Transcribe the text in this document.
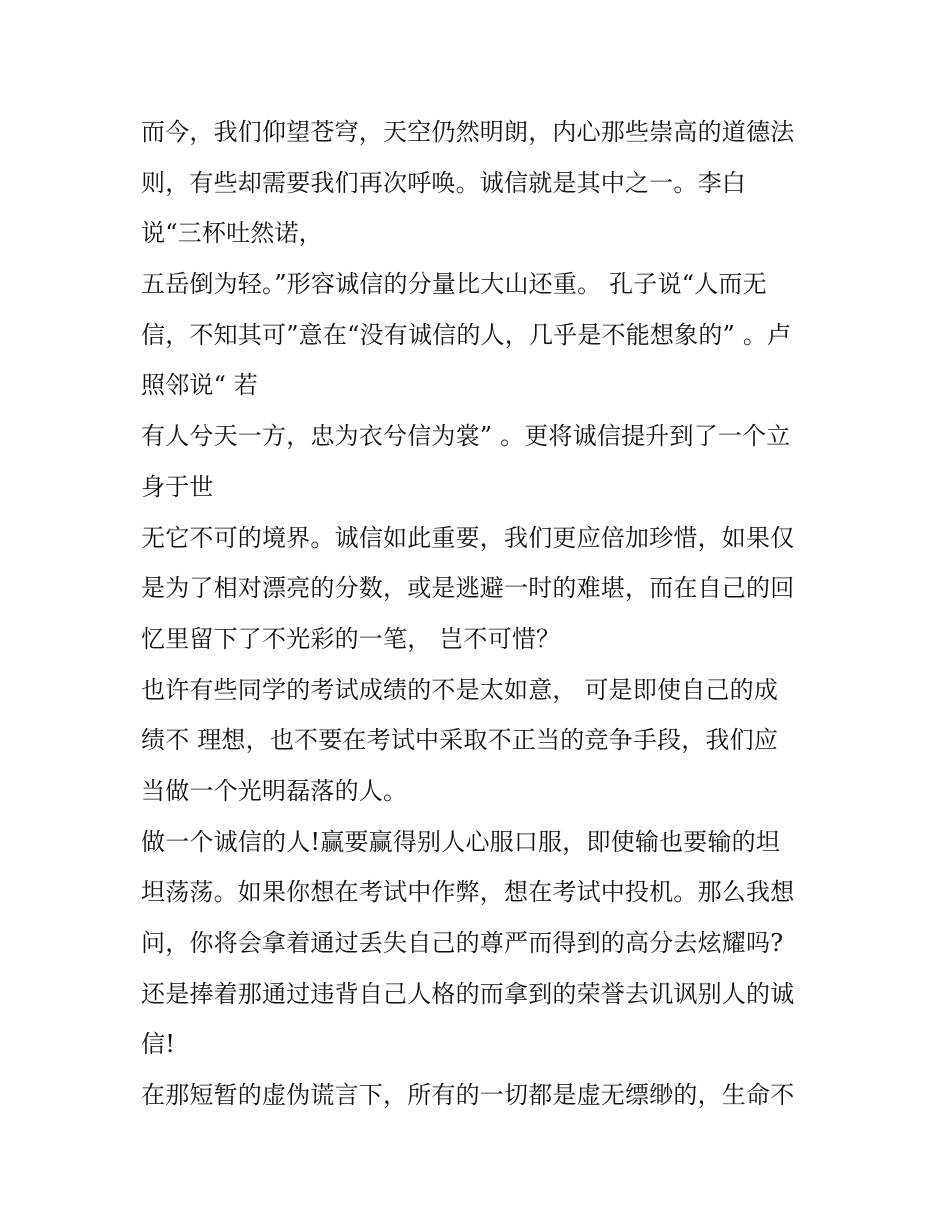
而今，我们仰望苍穹，天空仍然明朗，内心那些崇高的道德法
则，有些却需要我们再次呼唤。诚信就是其中之一。李白
说“三杯吐然诺，
五岳倒为轻。”形容诚信的分量比大山还重。 孔子说“人而无
信，不知其可”意在“没有诚信的人，几乎是不能想象的” 。卢
照邻说“ 若
有人兮天一方，忠为衣兮信为裳” 。更将诚信提升到了一个立
身于世
无它不可的境界。诚信如此重要，我们更应倍加珍惜，如果仅
是为了相对漂亮的分数，或是逃避一时的难堪，而在自己的回
忆里留下了不光彩的一笔， 岂不可惜？
也许有些同学的考试成绩的不是太如意， 可是即使自己的成
绩不 理想，也不要在考试中采取不正当的竞争手段，我们应
当做一个光明磊落的人。
做一个诚信的人!赢要赢得别人心服口服，即使输也要输的坦
坦荡荡。如果你想在考试中作弊，想在考试中投机。那么我想
问，你将会拿着通过丢失自己的尊严而得到的高分去炫耀吗?
还是捧着那通过违背自己人格的而拿到的荣誉去讥讽别人的诚
信!
在那短暂的虚伪谎言下，所有的一切都是虚无缥缈的，生命不
